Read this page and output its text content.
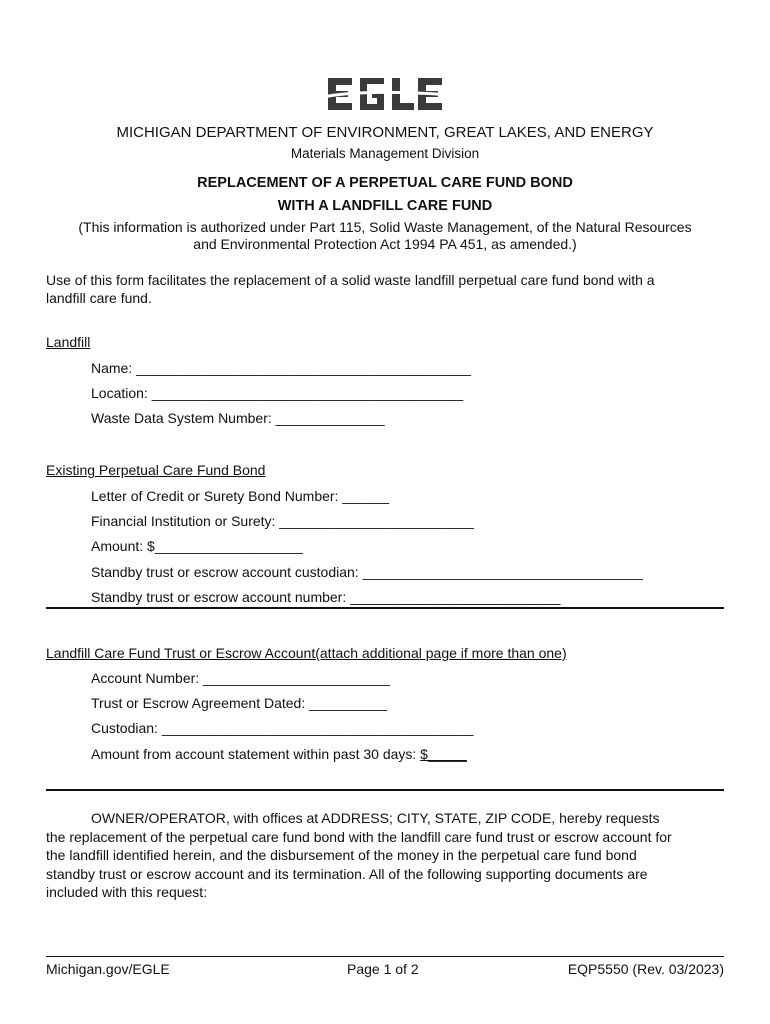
MICHIGAN DEPARTMENT OF ENVIRONMENT, GREAT LAKES, AND ENERGY
Materials Management Division
REPLACEMENT OF A PERPETUAL CARE FUND BOND
WITH A LANDFILL CARE FUND
(This information is authorized under Part 115, Solid Waste Management, of the Natural Resources
and Environmental Protection Act 1994 PA 451, as amended.)
Use of this form facilitates the replacement of a solid waste landfill perpetual care fund bond with a
landfill care fund.
Landfill
Name: ___________________________________________
Location: ________________________________________
Waste Data System Number: ______________
Existing Perpetual Care Fund Bond
Letter of Credit or Surety Bond Number: ______
Financial Institution or Surety: _________________________
Amount: $___________________
Standby trust or escrow account custodian: ____________________________________
Standby trust or escrow account number: ___________________________
Landfill Care Fund Trust or Escrow Account(attach additional page if more than one)
Account Number: ________________________
Trust or Escrow Agreement Dated: __________
Custodian: ________________________________________
Amount from account statement within past 30 days: $_____
OWNER/OPERATOR, with offices at ADDRESS; CITY, STATE, ZIP CODE, hereby requests
the replacement of the perpetual care fund bond with the landfill care fund trust or escrow account for
the landfill identified herein, and the disbursement of the money in the perpetual care fund bond
standby trust or escrow account and its termination. All of the following supporting documents are
included with this request:
Michigan.gov/EGLE	Page 1 of 2	EQP5550 (Rev. 03/2023)
